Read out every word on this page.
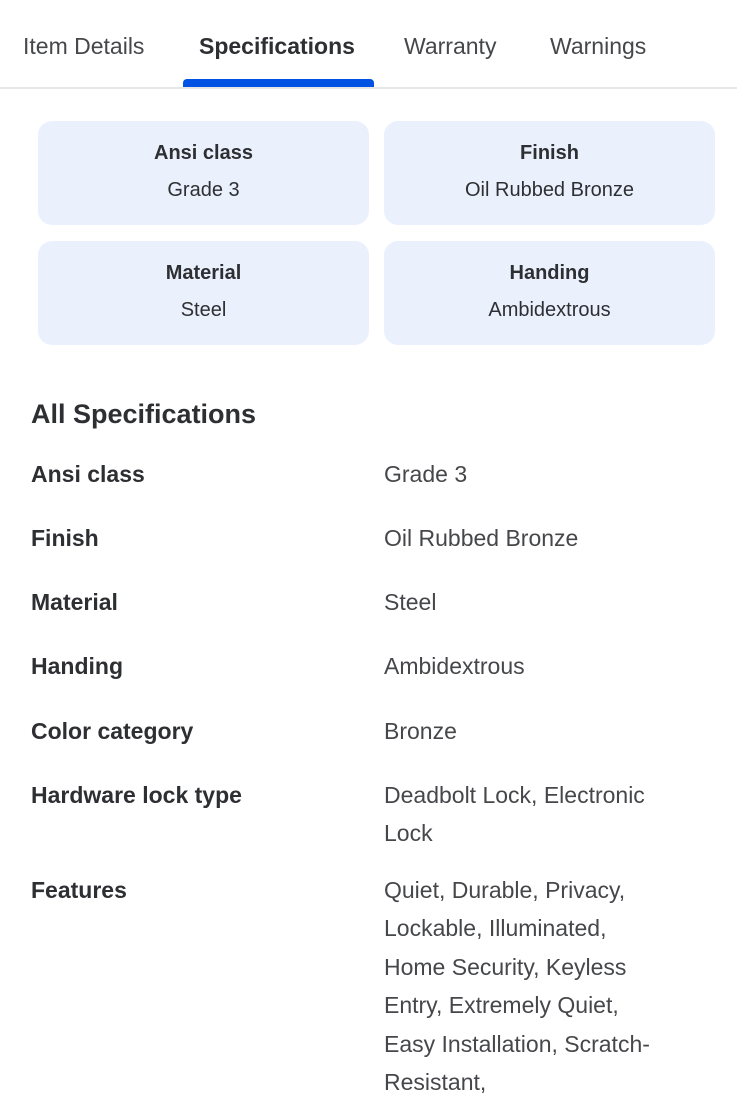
Item Details Specifications Warranty Warnings
Ansi class
Grade 3
Finish
Oil Rubbed Bronze
Material
Steel
Handing
Ambidextrous
All Specifications
Ansi class	Grade 3
Finish	Oil Rubbed Bronze
Material	Steel
Handing	Ambidextrous
Color category	Bronze
Hardware lock type	Deadbolt Lock, Electronic Lock
Features	Quiet, Durable, Privacy, Lockable, Illuminated, Home Security, Keyless Entry, Extremely Quiet, Easy Installation, Scratch-Resistant,
